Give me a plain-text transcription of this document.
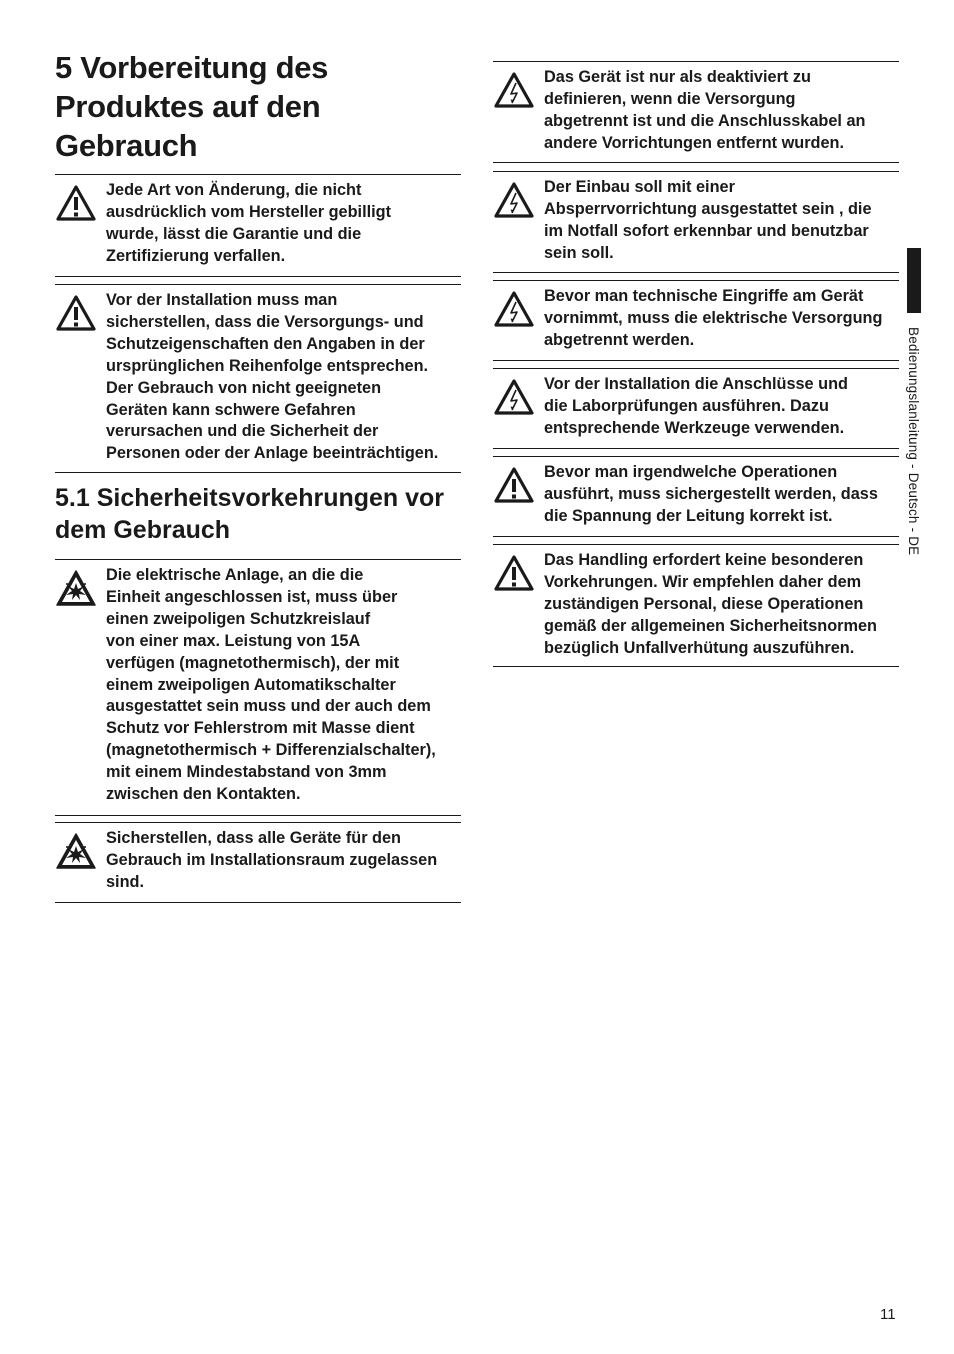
5 Vorbereitung des Produktes auf den Gebrauch
Jede Art von Änderung, die nicht
ausdrücklich vom Hersteller gebilligt
wurde, lässt die Garantie und die
Zertifizierung verfallen.
Vor der Installation muss man
sicherstellen, dass die Versorgungs- und
Schutzeigenschaften den Angaben in der
ursprünglichen Reihenfolge entsprechen.
Der Gebrauch von nicht geeigneten
Geräten kann schwere Gefahren
verursachen und die Sicherheit der
Personen oder der Anlage beeinträchtigen.
5.1 Sicherheitsvorkehrungen vor dem Gebrauch
Die elektrische Anlage, an die die
Einheit angeschlossen ist, muss über
einen zweipoligen Schutzkreislauf
von einer max. Leistung von 15A
verfügen (magnetothermisch), der mit
einem zweipoligen Automatikschalter
ausgestattet sein muss und der auch dem
Schutz vor Fehlerstrom mit Masse dient
(magnetothermisch + Differenzialschalter),
mit einem Mindestabstand von 3mm
zwischen den Kontakten.
Sicherstellen, dass alle Geräte für den
Gebrauch im Installationsraum zugelassen
sind.
Das Gerät ist nur als deaktiviert zu
definieren, wenn die Versorgung
abgetrennt ist und die Anschlusskabel an
andere Vorrichtungen entfernt wurden.
Der Einbau soll mit einer
Absperrvorrichtung ausgestattet sein , die
im Notfall sofort erkennbar und benutzbar
sein soll.
Bevor man technische Eingriffe am Gerät
vornimmt, muss die elektrische Versorgung
abgetrennt werden.
Vor der Installation die Anschlüsse und
die Laborprüfungen ausführen. Dazu
entsprechende Werkzeuge verwenden.
Bevor man irgendwelche Operationen
ausführt, muss sichergestellt werden, dass
die Spannung der Leitung korrekt ist.
Das Handling erfordert keine besonderen
Vorkehrungen. Wir empfehlen daher dem
zuständigen Personal, diese Operationen
gemäß der allgemeinen Sicherheitsnormen
bezüglich Unfallverhütung auszuführen.
Bedienungslanleitung - Deutsch - DE
11
